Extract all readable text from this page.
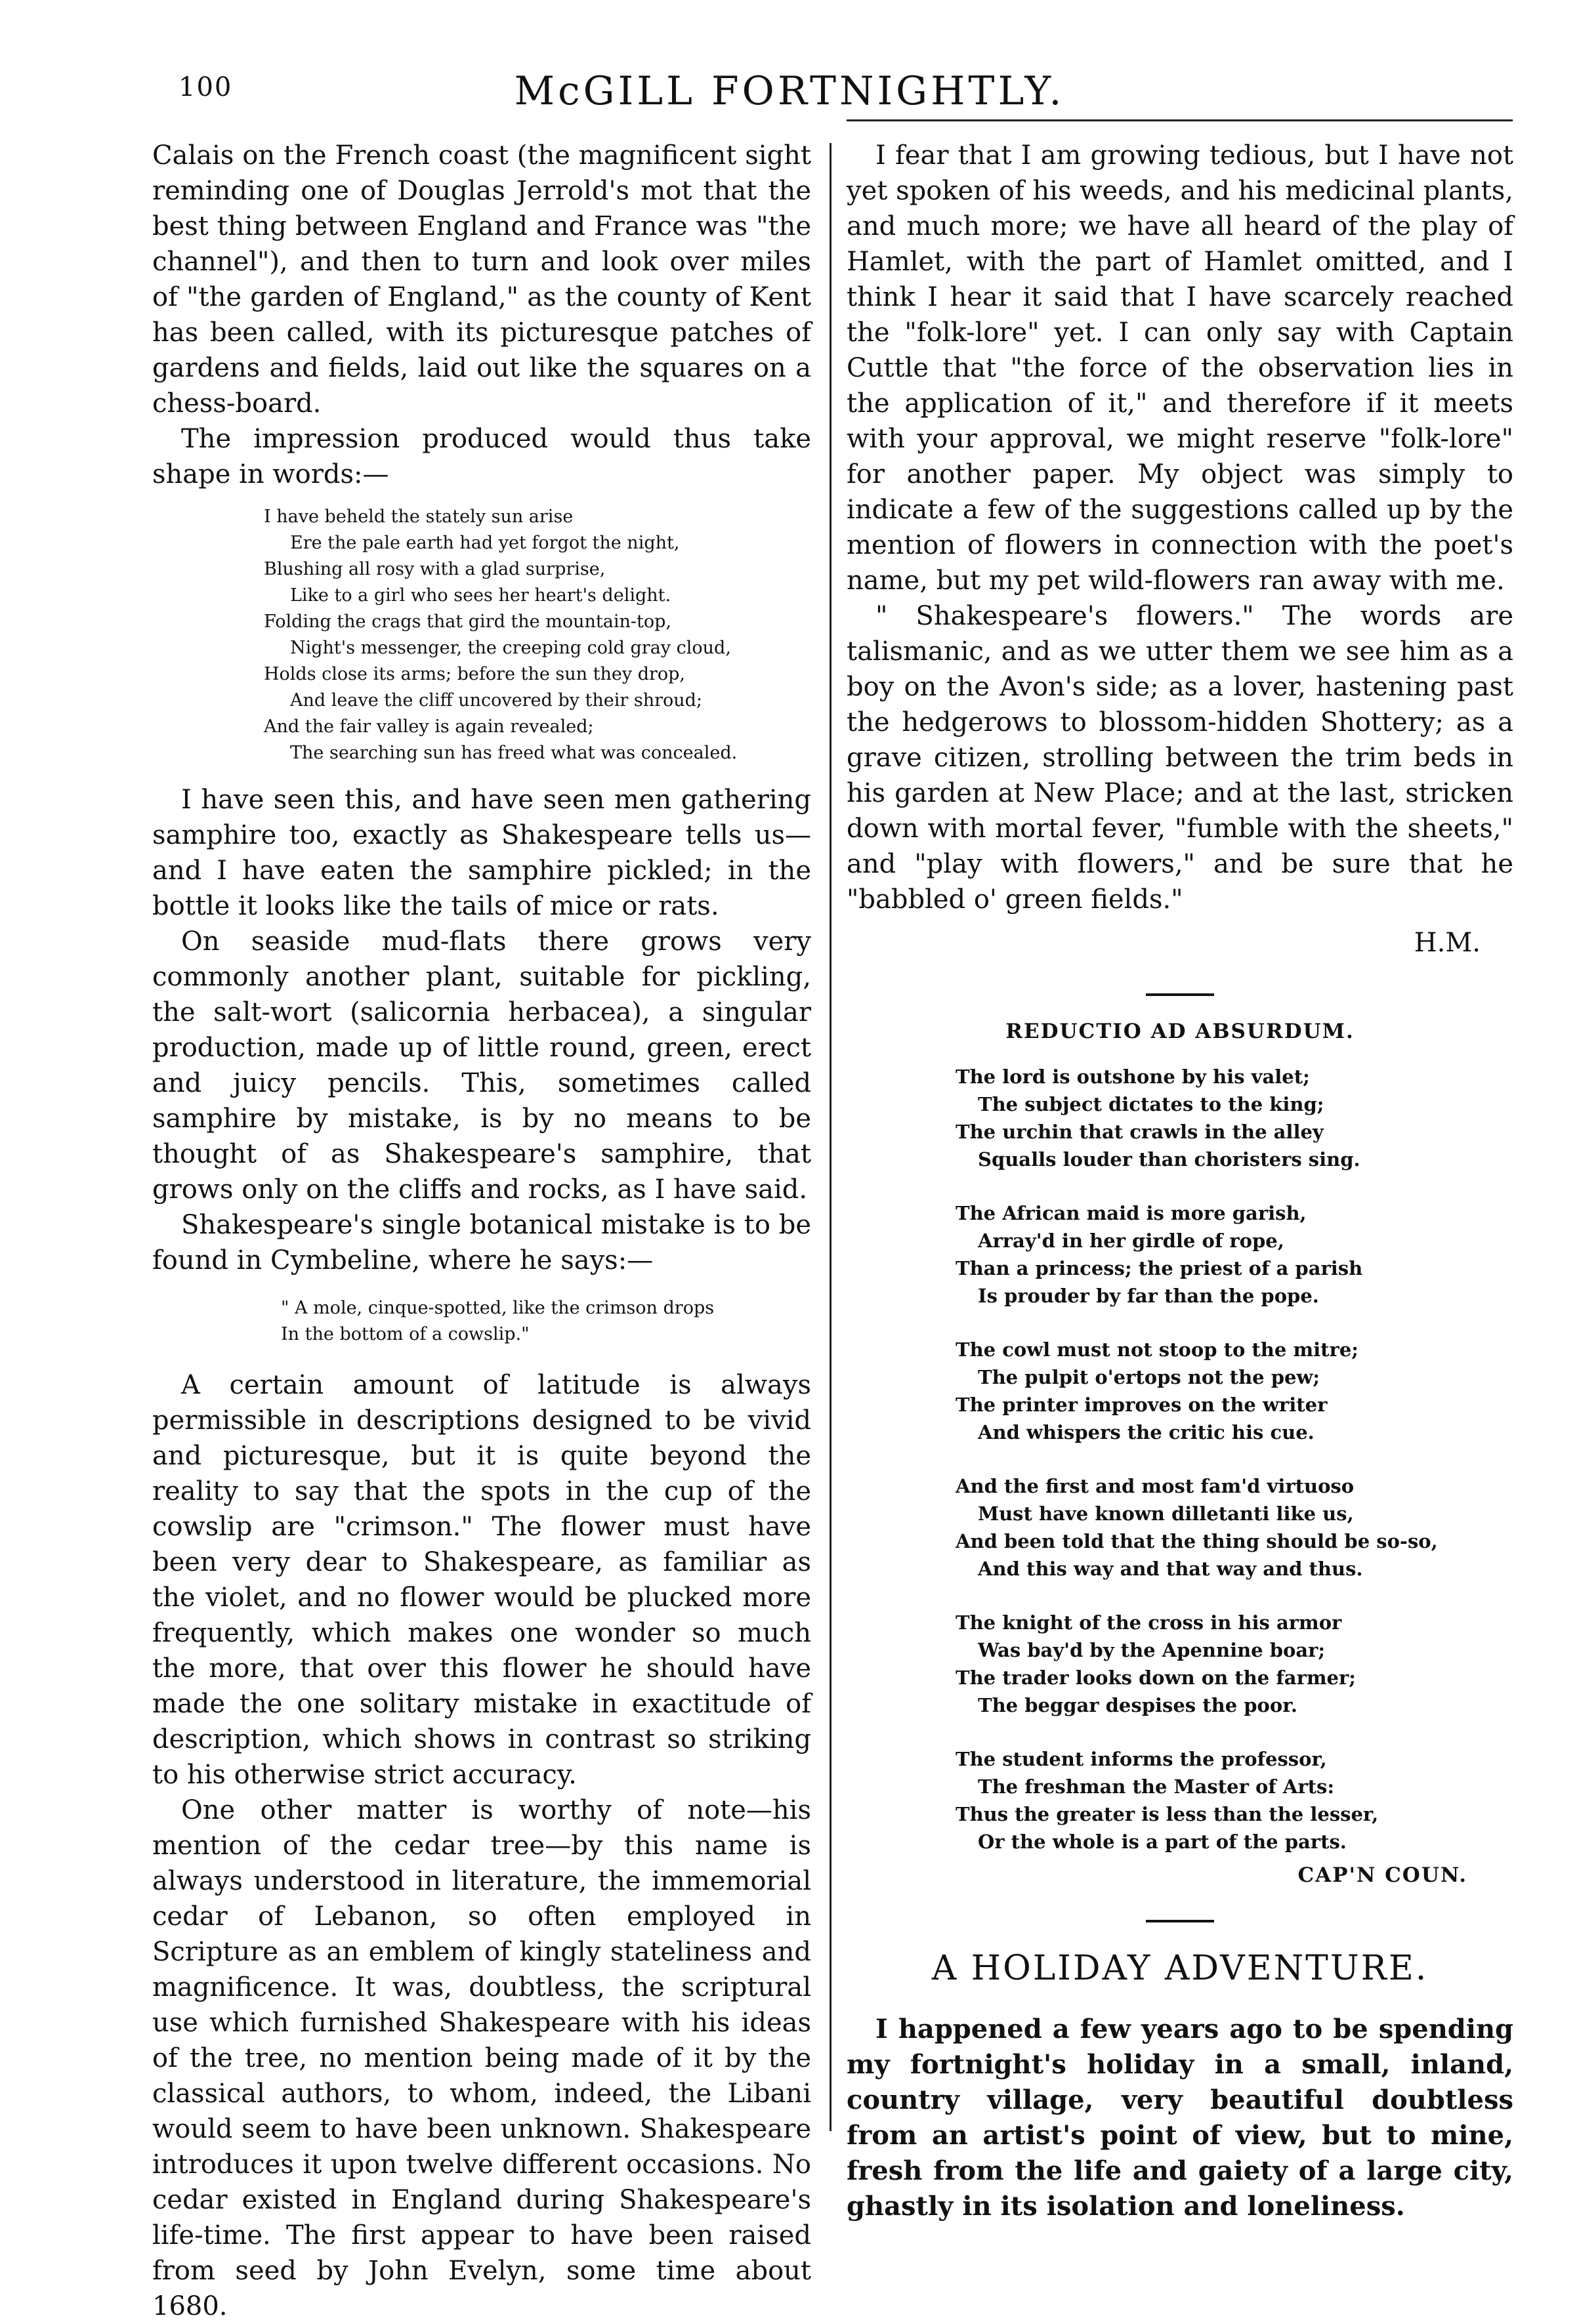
100	McGILL FORTNIGHTLY.

Calais on the French coast (the magnificent sight reminding one of Douglas Jerrold's mot that the best thing between England and France was "the channel"), and then to turn and look over miles of "the garden of England," as the county of Kent has been called, with its picturesque patches of gardens and fields, laid out like the squares on a chess-board.

The impression produced would thus take shape in words:—

I have beheld the stately sun arise
Ere the pale earth had yet forgot the night,
Blushing all rosy with a glad surprise,
Like to a girl who sees her heart's delight.
Folding the crags that gird the mountain-top,
Night's messenger, the creeping cold gray cloud,
Holds close its arms; before the sun they drop,
And leave the cliff uncovered by their shroud;
And the fair valley is again revealed;
The searching sun has freed what was concealed.

I have seen this, and have seen men gathering samphire too, exactly as Shakespeare tells us—and I have eaten the samphire pickled; in the bottle it looks like the tails of mice or rats.

On seaside mud-flats there grows very commonly another plant, suitable for pickling, the salt-wort (salicornia herbacea), a singular production, made up of little round, green, erect and juicy pencils. This, sometimes called samphire by mistake, is by no means to be thought of as Shakespeare's samphire, that grows only on the cliffs and rocks, as I have said.

Shakespeare's single botanical mistake is to be found in Cymbeline, where he says:—

" A mole, cinque-spotted, like the crimson drops
In the bottom of a cowslip."

A certain amount of latitude is always permissible in descriptions designed to be vivid and picturesque, but it is quite beyond the reality to say that the spots in the cup of the cowslip are "crimson." The flower must have been very dear to Shakespeare, as familiar as the violet, and no flower would be plucked more frequently, which makes one wonder so much the more, that over this flower he should have made the one solitary mistake in exactitude of description, which shows in contrast so striking to his otherwise strict accuracy.

One other matter is worthy of note—his mention of the cedar tree—by this name is always understood in literature, the immemorial cedar of Lebanon, so often employed in Scripture as an emblem of kingly stateliness and magnificence. It was, doubtless, the scriptural use which furnished Shakespeare with his ideas of the tree, no mention being made of it by the classical authors, to whom, indeed, the Libani would seem to have been unknown. Shakespeare introduces it upon twelve different occasions. No cedar existed in England during Shakespeare's life-time. The first appear to have been raised from seed by John Evelyn, some time about 1680.

I fear that I am growing tedious, but I have not yet spoken of his weeds, and his medicinal plants, and much more; we have all heard of the play of Hamlet, with the part of Hamlet omitted, and I think I hear it said that I have scarcely reached the "folk-lore" yet. I can only say with Captain Cuttle that "the force of the observation lies in the application of it," and therefore if it meets with your approval, we might reserve "folk-lore" for another paper. My object was simply to indicate a few of the suggestions called up by the mention of flowers in connection with the poet's name, but my pet wild-flowers ran away with me.

" Shakespeare's flowers." The words are talismanic, and as we utter them we see him as a boy on the Avon's side; as a lover, hastening past the hedgerows to blossom-hidden Shottery; as a grave citizen, strolling between the trim beds in his garden at New Place; and at the last, stricken down with mortal fever, "fumble with the sheets," and "play with flowers," and be sure that he "babbled o' green fields."

H.M.
REDUCTIO AD ABSURDUM.
The lord is outshone by his valet;
The subject dictates to the king;
The urchin that crawls in the alley
Squalls louder than choristers sing.
The African maid is more garish,
Array'd in her girdle of rope,
Than a princess; the priest of a parish
Is prouder by far than the pope.
The cowl must not stoop to the mitre;
The pulpit o'ertops not the pew;
The printer improves on the writer
And whispers the critic his cue.
And the first and most fam'd virtuoso
Must have known dilletanti like us,
And been told that the thing should be so-so,
And this way and that way and thus.
The knight of the cross in his armor
Was bay'd by the Apennine boar;
The trader looks down on the farmer;
The beggar despises the poor.
The student informs the professor,
The freshman the Master of Arts:
Thus the greater is less than the lesser,
Or the whole is a part of the parts.
CAP'N COUN.
A HOLIDAY ADVENTURE.

I happened a few years ago to be spending my fortnight's holiday in a small, inland, country village, very beautiful doubtless from an artist's point of view, but to mine, fresh from the life and gaiety of a large city, ghastly in its isolation and loneliness.
